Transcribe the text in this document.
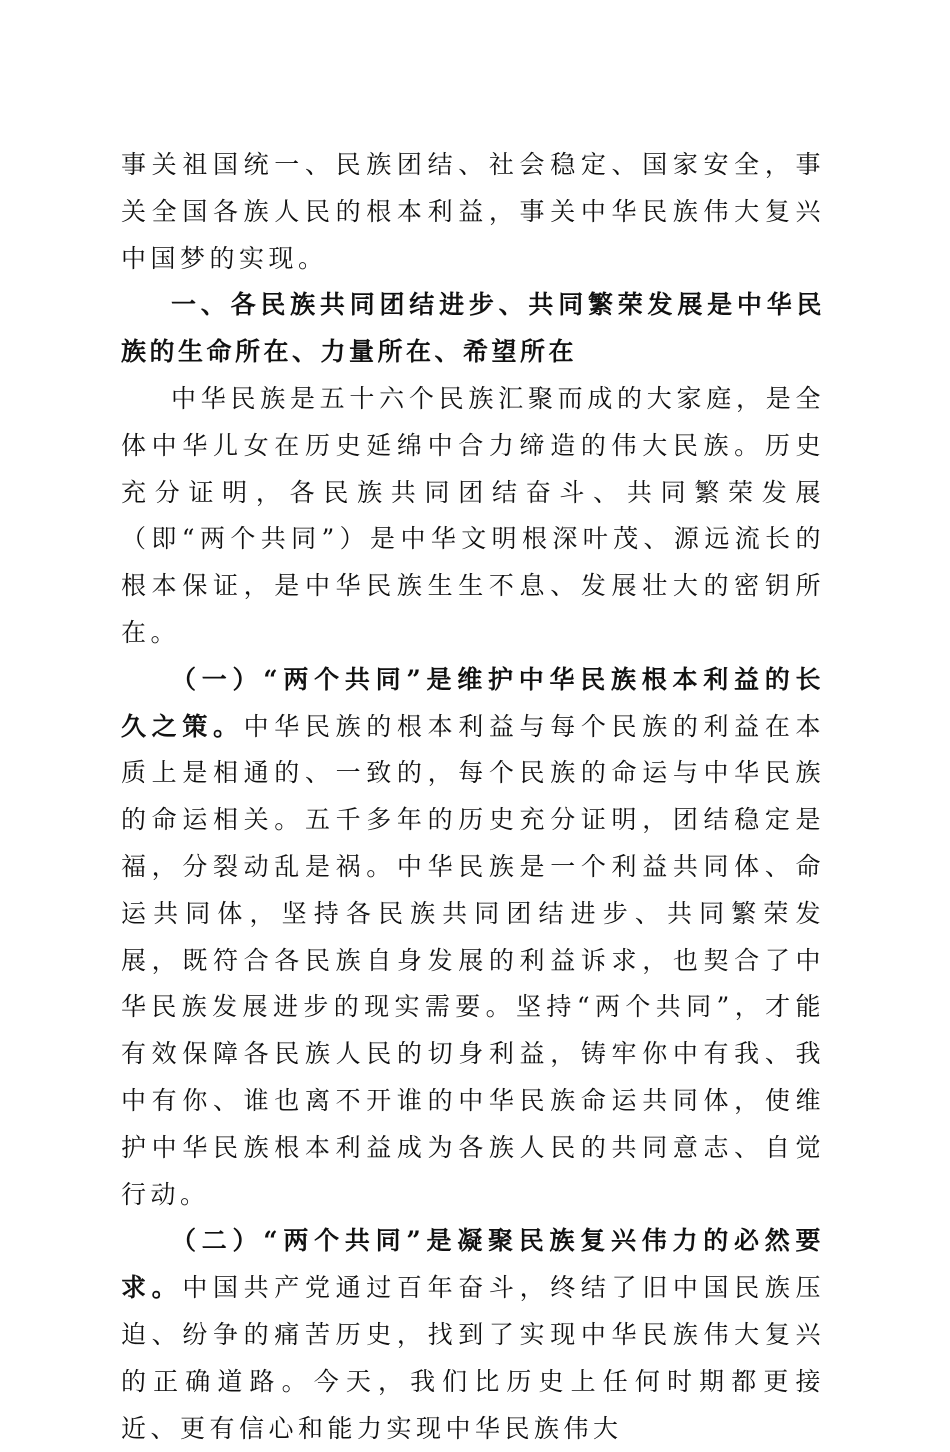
事关祖国统一、民族团结、社会稳定、国家安全，事关全国各族人民的根本利益，事关中华民族伟大复兴中国梦的实现。

一、各民族共同团结进步、共同繁荣发展是中华民族的生命所在、力量所在、希望所在

中华民族是五十六个民族汇聚而成的大家庭，是全体中华儿女在历史延绵中合力缔造的伟大民族。历史充分证明，各民族共同团结奋斗、共同繁荣发展（即“两个共同”）是中华文明根深叶茂、源远流长的根本保证，是中华民族生生不息、发展壮大的密钥所在。

（一）“两个共同”是维护中华民族根本利益的长久之策。中华民族的根本利益与每个民族的利益在本质上是相通的、一致的，每个民族的命运与中华民族的命运相关。五千多年的历史充分证明，团结稳定是福，分裂动乱是祸。中华民族是一个利益共同体、命运共同体，坚持各民族共同团结进步、共同繁荣发展，既符合各民族自身发展的利益诉求，也契合了中华民族发展进步的现实需要。坚持“两个共同”，才能有效保障各民族人民的切身利益，铸牢你中有我、我中有你、谁也离不开谁的中华民族命运共同体，使维护中华民族根本利益成为各族人民的共同意志、自觉行动。

（二）“两个共同”是凝聚民族复兴伟力的必然要求。中国共产党通过百年奋斗，终结了旧中国民族压迫、纷争的痛苦历史，找到了实现中华民族伟大复兴的正确道路。今天，我们比历史上任何时期都更接近、更有信心和能力实现中华民族伟大
